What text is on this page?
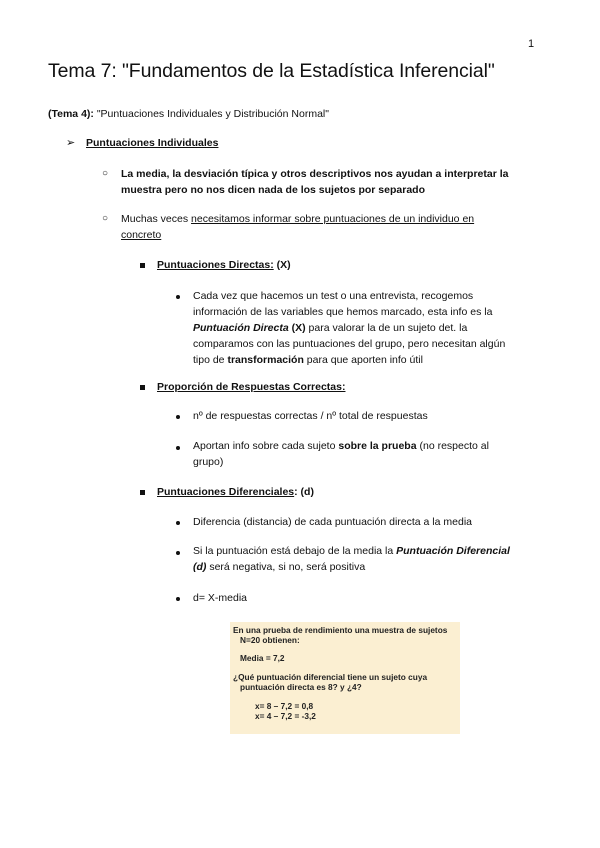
1
Tema 7: "Fundamentos de la Estadística Inferencial"
(Tema 4): "Puntuaciones Individuales y Distribución Normal"
➢ Puntuaciones Individuales
○ La media, la desviación típica y otros descriptivos nos ayudan a interpretar la
muestra pero no nos dicen nada de los sujetos por separado
○ Muchas veces necesitamos informar sobre puntuaciones de un individuo en
concreto
Puntuaciones Directas: (X)
Cada vez que hacemos un test o una entrevista, recogemos
información de las variables que hemos marcado, esta info es la
Puntuación Directa (X) para valorar la de un sujeto det. la
comparamos con las puntuaciones del grupo, pero necesitan algún
tipo de transformación para que aporten info útil
Proporción de Respuestas Correctas:
nº de respuestas correctas / nº total de respuestas
Aportan info sobre cada sujeto sobre la prueba (no respecto al
grupo)
Puntuaciones Diferenciales: (d)
Diferencia (distancia) de cada puntuación directa a la media
Si la puntuación está debajo de la media la Puntuación Diferencial
(d) será negativa, si no, será positiva
d= X-media
En una prueba de rendimiento una muestra de sujetos
N=20 obtienen:
Media = 7,2
¿Qué puntuación diferencial tiene un sujeto cuya
puntuación directa es 8? y ¿4?
x= 8 – 7,2 = 0,8
x= 4 – 7,2 = -3,2
